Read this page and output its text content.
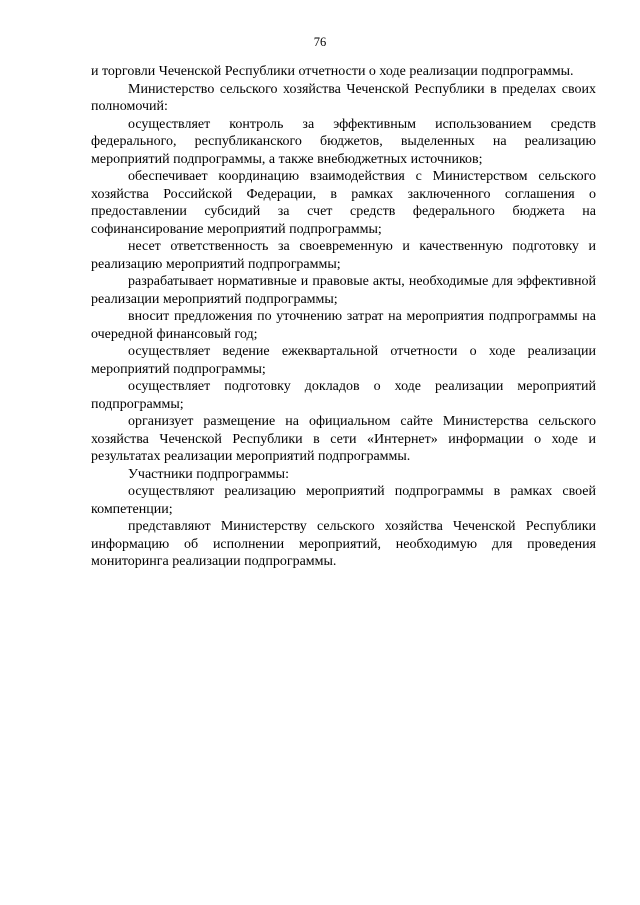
76

и торговли Чеченской Республики отчетности о ходе реализации подпрограммы.

Министерство сельского хозяйства Чеченской Республики в пределах своих полномочий:

осуществляет контроль за эффективным использованием средств федерального, республиканского бюджетов, выделенных на реализацию мероприятий подпрограммы, а также внебюджетных источников;

обеспечивает координацию взаимодействия с Министерством сельского хозяйства Российской Федерации, в рамках заключенного соглашения о предоставлении субсидий за счет средств федерального бюджета на софинансирование мероприятий подпрограммы;

несет ответственность за своевременную и качественную подготовку и реализацию мероприятий подпрограммы;

разрабатывает нормативные и правовые акты, необходимые для эффективной реализации мероприятий подпрограммы;

вносит предложения по уточнению затрат на мероприятия подпрограммы на очередной финансовый год;

осуществляет ведение ежеквартальной отчетности о ходе реализации мероприятий подпрограммы;

осуществляет подготовку докладов о ходе реализации мероприятий подпрограммы;

организует размещение на официальном сайте Министерства сельского хозяйства Чеченской Республики в сети «Интернет» информации о ходе и результатах реализации мероприятий подпрограммы.

Участники подпрограммы:

осуществляют реализацию мероприятий подпрограммы в рамках своей компетенции;

представляют Министерству сельского хозяйства Чеченской Республики информацию об исполнении мероприятий, необходимую для проведения мониторинга реализации подпрограммы.
